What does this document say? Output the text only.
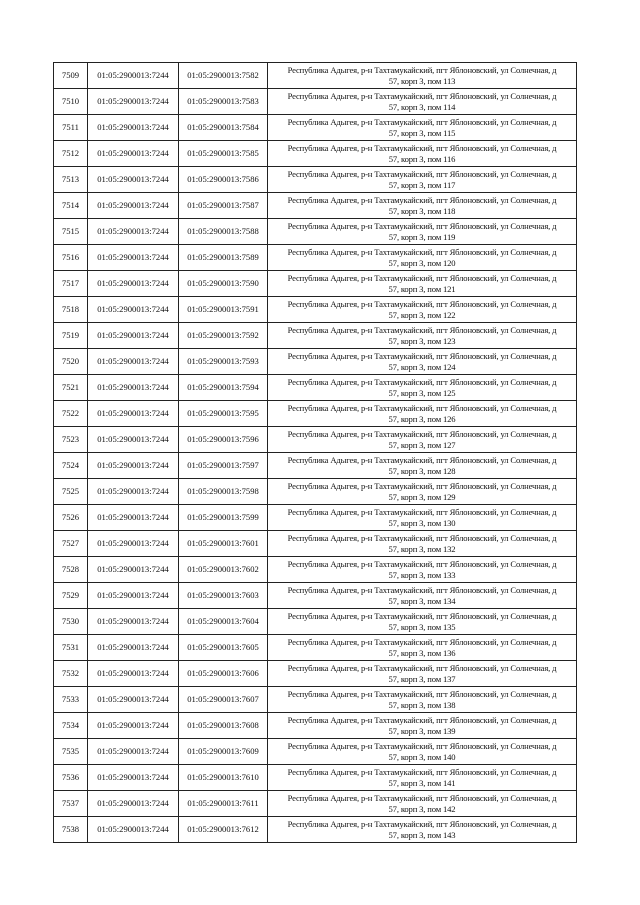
7509	01:05:2900013:7244	01:05:2900013:7582	Республика Адыгея, р-н Тахтамукайский, пгт Яблоновский, ул Солнечная, д
57, корп 3, пом 113

7510	01:05:2900013:7244	01:05:2900013:7583	Республика Адыгея, р-н Тахтамукайский, пгт Яблоновский, ул Солнечная, д
57, корп 3, пом 114

7511	01:05:2900013:7244	01:05:2900013:7584	Республика Адыгея, р-н Тахтамукайский, пгт Яблоновский, ул Солнечная, д
57, корп 3, пом 115

7512	01:05:2900013:7244	01:05:2900013:7585	Республика Адыгея, р-н Тахтамукайский, пгт Яблоновский, ул Солнечная, д
57, корп 3, пом 116

7513	01:05:2900013:7244	01:05:2900013:7586	Республика Адыгея, р-н Тахтамукайский, пгт Яблоновский, ул Солнечная, д
57, корп 3, пом 117

7514	01:05:2900013:7244	01:05:2900013:7587	Республика Адыгея, р-н Тахтамукайский, пгт Яблоновский, ул Солнечная, д
57, корп 3, пом 118

7515	01:05:2900013:7244	01:05:2900013:7588	Республика Адыгея, р-н Тахтамукайский, пгт Яблоновский, ул Солнечная, д
57, корп 3, пом 119

7516	01:05:2900013:7244	01:05:2900013:7589	Республика Адыгея, р-н Тахтамукайский, пгт Яблоновский, ул Солнечная, д
57, корп 3, пом 120

7517	01:05:2900013:7244	01:05:2900013:7590	Республика Адыгея, р-н Тахтамукайский, пгт Яблоновский, ул Солнечная, д
57, корп 3, пом 121

7518	01:05:2900013:7244	01:05:2900013:7591	Республика Адыгея, р-н Тахтамукайский, пгт Яблоновский, ул Солнечная, д
57, корп 3, пом 122

7519	01:05:2900013:7244	01:05:2900013:7592	Республика Адыгея, р-н Тахтамукайский, пгт Яблоновский, ул Солнечная, д
57, корп 3, пом 123

7520	01:05:2900013:7244	01:05:2900013:7593	Республика Адыгея, р-н Тахтамукайский, пгт Яблоновский, ул Солнечная, д
57, корп 3, пом 124

7521	01:05:2900013:7244	01:05:2900013:7594	Республика Адыгея, р-н Тахтамукайский, пгт Яблоновский, ул Солнечная, д
57, корп 3, пом 125

7522	01:05:2900013:7244	01:05:2900013:7595	Республика Адыгея, р-н Тахтамукайский, пгт Яблоновский, ул Солнечная, д
57, корп 3, пом 126

7523	01:05:2900013:7244	01:05:2900013:7596	Республика Адыгея, р-н Тахтамукайский, пгт Яблоновский, ул Солнечная, д
57, корп 3, пом 127

7524	01:05:2900013:7244	01:05:2900013:7597	Республика Адыгея, р-н Тахтамукайский, пгт Яблоновский, ул Солнечная, д
57, корп 3, пом 128

7525	01:05:2900013:7244	01:05:2900013:7598	Республика Адыгея, р-н Тахтамукайский, пгт Яблоновский, ул Солнечная, д
57, корп 3, пом 129

7526	01:05:2900013:7244	01:05:2900013:7599	Республика Адыгея, р-н Тахтамукайский, пгт Яблоновский, ул Солнечная, д
57, корп 3, пом 130

7527	01:05:2900013:7244	01:05:2900013:7601	Республика Адыгея, р-н Тахтамукайский, пгт Яблоновский, ул Солнечная, д
57, корп 3, пом 132

7528	01:05:2900013:7244	01:05:2900013:7602	Республика Адыгея, р-н Тахтамукайский, пгт Яблоновский, ул Солнечная, д
57, корп 3, пом 133

7529	01:05:2900013:7244	01:05:2900013:7603	Республика Адыгея, р-н Тахтамукайский, пгт Яблоновский, ул Солнечная, д
57, корп 3, пом 134

7530	01:05:2900013:7244	01:05:2900013:7604	Республика Адыгея, р-н Тахтамукайский, пгт Яблоновский, ул Солнечная, д
57, корп 3, пом 135

7531	01:05:2900013:7244	01:05:2900013:7605	Республика Адыгея, р-н Тахтамукайский, пгт Яблоновский, ул Солнечная, д
57, корп 3, пом 136

7532	01:05:2900013:7244	01:05:2900013:7606	Республика Адыгея, р-н Тахтамукайский, пгт Яблоновский, ул Солнечная, д
57, корп 3, пом 137

7533	01:05:2900013:7244	01:05:2900013:7607	Республика Адыгея, р-н Тахтамукайский, пгт Яблоновский, ул Солнечная, д
57, корп 3, пом 138

7534	01:05:2900013:7244	01:05:2900013:7608	Республика Адыгея, р-н Тахтамукайский, пгт Яблоновский, ул Солнечная, д
57, корп 3, пом 139

7535	01:05:2900013:7244	01:05:2900013:7609	Республика Адыгея, р-н Тахтамукайский, пгт Яблоновский, ул Солнечная, д
57, корп 3, пом 140

7536	01:05:2900013:7244	01:05:2900013:7610	Республика Адыгея, р-н Тахтамукайский, пгт Яблоновский, ул Солнечная, д
57, корп 3, пом 141

7537	01:05:2900013:7244	01:05:2900013:7611	Республика Адыгея, р-н Тахтамукайский, пгт Яблоновский, ул Солнечная, д
57, корп 3, пом 142

7538	01:05:2900013:7244	01:05:2900013:7612	Республика Адыгея, р-н Тахтамукайский, пгт Яблоновский, ул Солнечная, д
57, корп 3, пом 143
